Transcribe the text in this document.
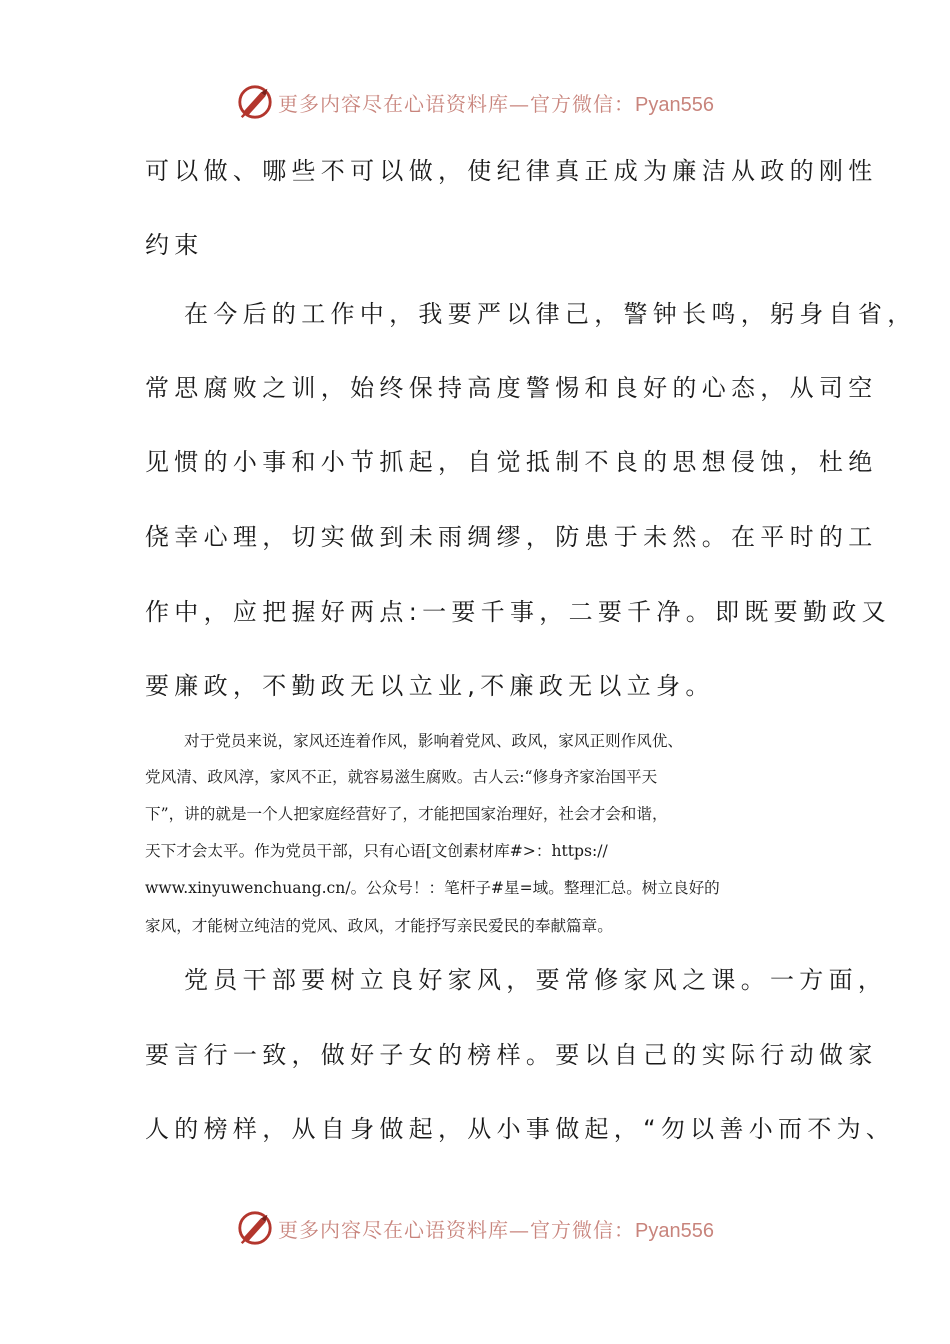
更多内容尽在心语资料库—官方微信：Pyan556
可以做、哪些不可以做，使纪律真正成为廉洁从政的刚性
约束
在今后的工作中，我要严以律己，警钟长鸣，躬身自省，
常思腐败之训，始终保持高度警惕和良好的心态，从司空
见惯的小事和小节抓起，自觉抵制不良的思想侵蚀，杜绝
侥幸心理，切实做到未雨绸缪，防患于未然。在平时的工
作中，应把握好两点:一要千事，二要千净。即既要勤政又
要廉政，不勤政无以立业,不廉政无以立身。
对于党员来说，家风还连着作风，影响着党风、政风，家风正则作风优、
党风清、政风淳，家风不正，就容易滋生腐败。古人云:“修身齐家治国平天
下”，讲的就是一个人把家庭经营好了，才能把国家治理好，社会才会和谐，
天下才会太平。作为党员干部，只有心语[文创素材库#>：https://
www.xinyuwenchuang.cn/。公众号！：笔杆子#星=域。整理汇总。树立良好的
家风，才能树立纯洁的党风、政风，才能抒写亲民爱民的奉献篇章。
党员干部要树立良好家风，要常修家风之课。一方面，
要言行一致，做好子女的榜样。要以自己的实际行动做家
人的榜样，从自身做起，从小事做起，“勿以善小而不为、
更多内容尽在心语资料库—官方微信：Pyan556
